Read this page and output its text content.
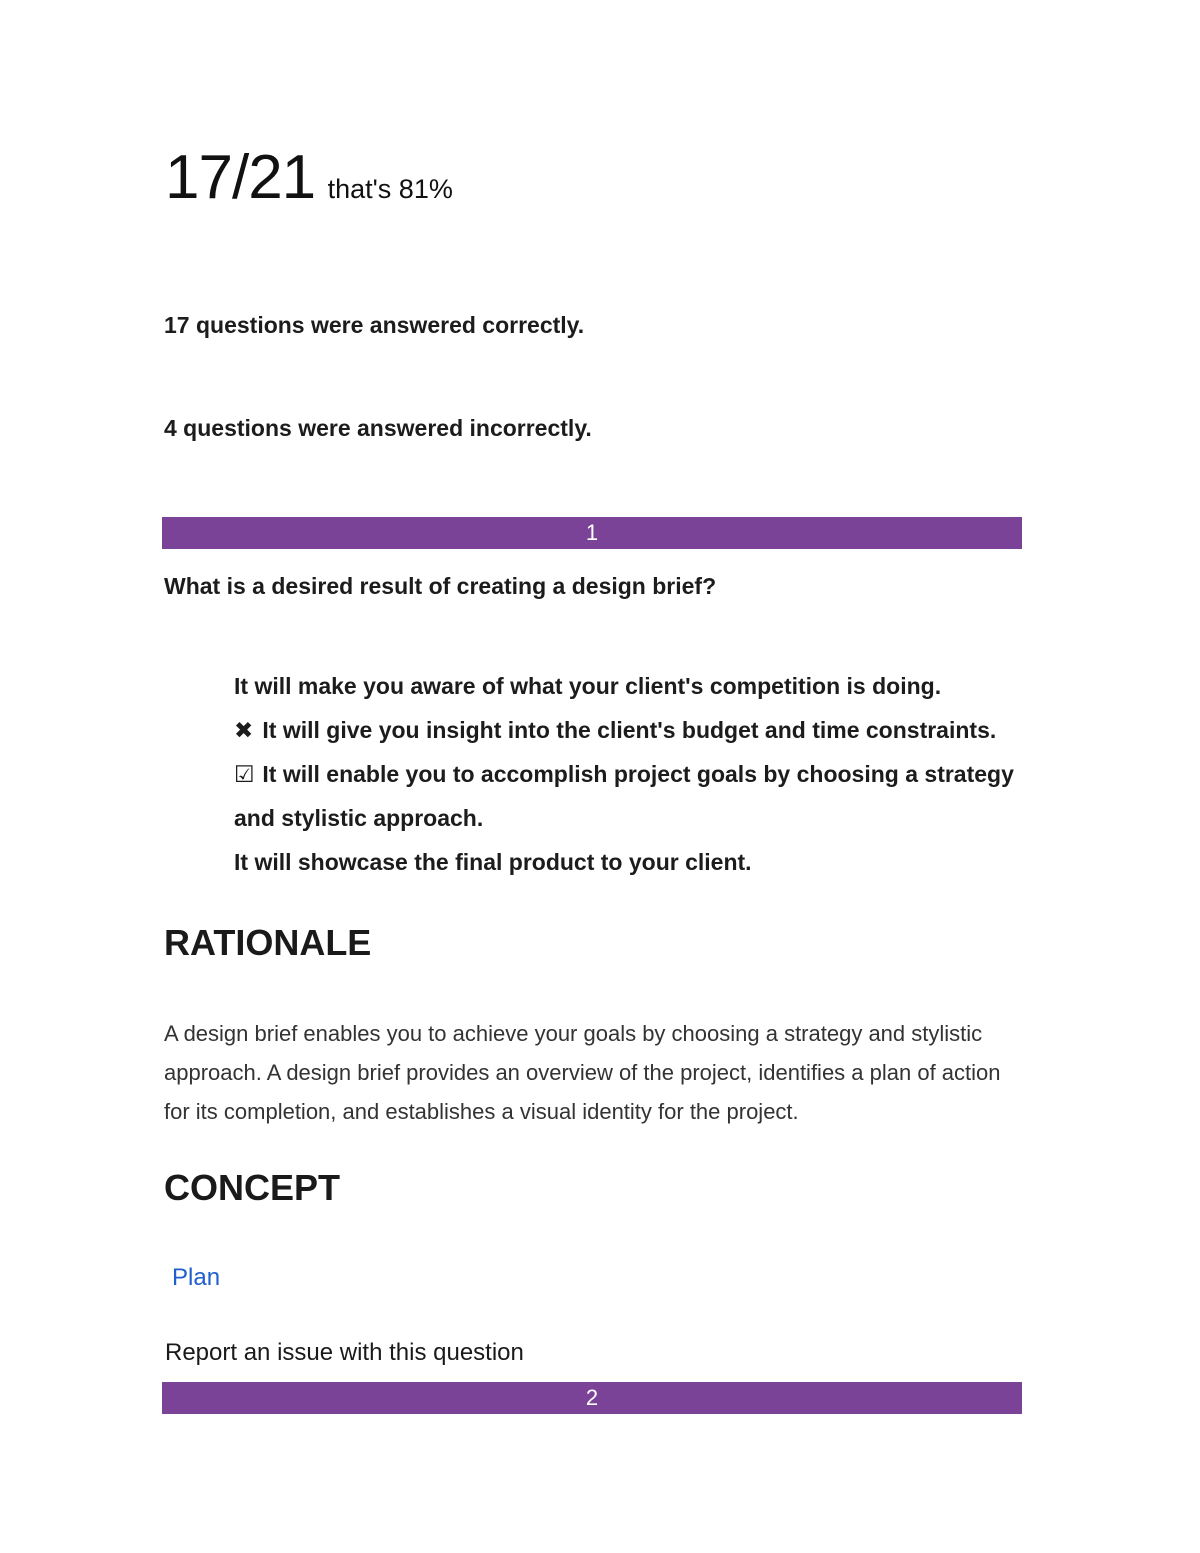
17/21 that's 81%
17 questions were answered correctly.
4 questions were answered incorrectly.
1
What is a desired result of creating a design brief?

It will make you aware of what your client's competition is doing.

✖ It will give you insight into the client's budget and time constraints.

☑ It will enable you to accomplish project goals by choosing a strategy and stylistic approach.

It will showcase the final product to your client.

RATIONALE
A design brief enables you to achieve your goals by choosing a strategy and stylistic approach. A design brief provides an overview of the project, identifies a plan of action for its completion, and establishes a visual identity for the project.
CONCEPT
Plan
Report an issue with this question
2
